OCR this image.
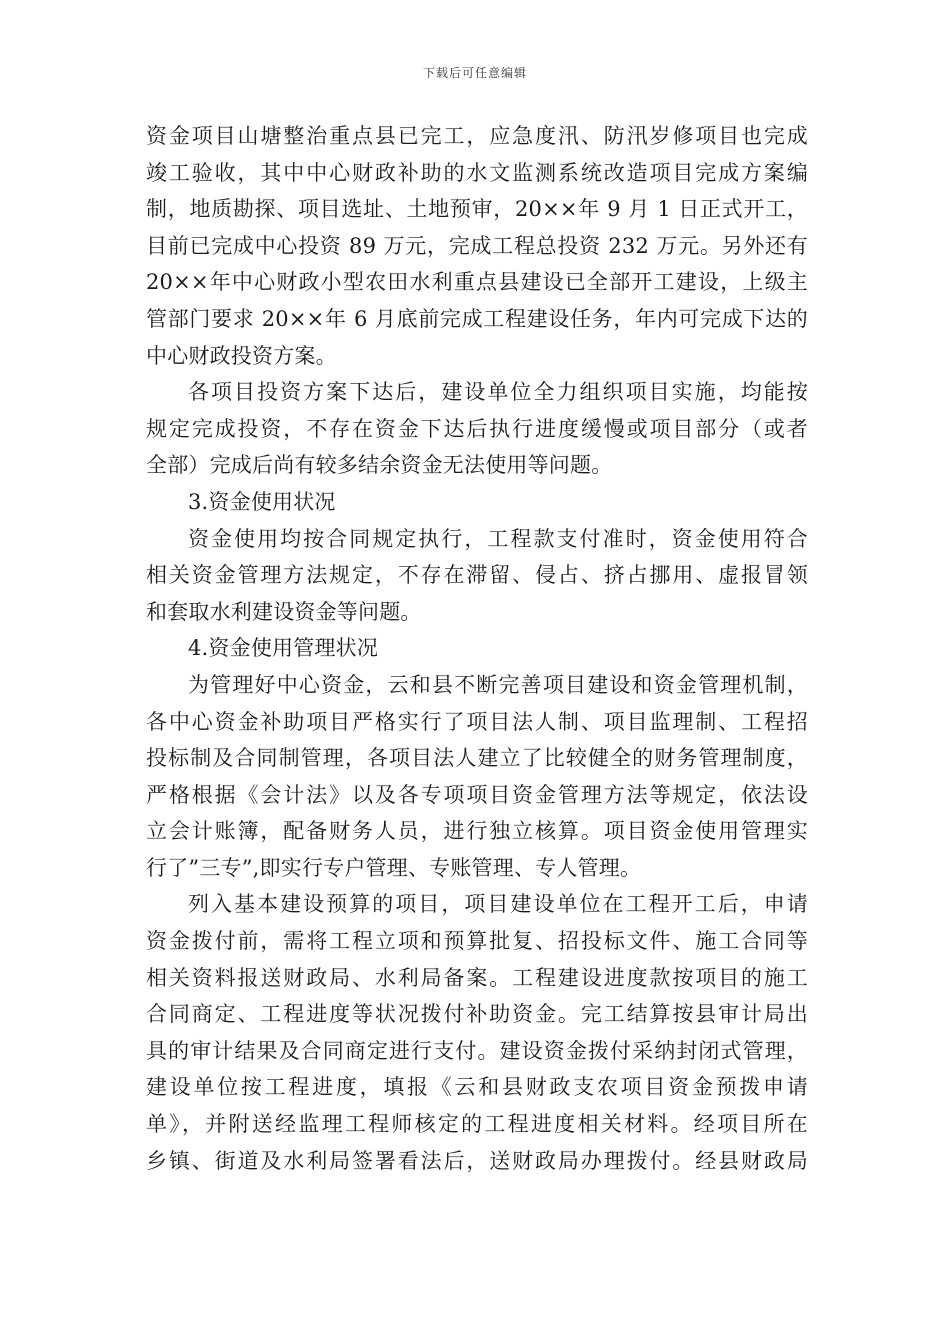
下载后可任意编辑
资金项目山塘整治重点县已完工，应急度汛、防汛岁修项目也完成
竣工验收，其中中心财政补助的水文监测系统改造项目完成方案编
制，地质勘探、项目选址、土地预审，20××年 9 月 1 日正式开工，
目前已完成中心投资 89 万元，完成工程总投资 232 万元。另外还有
20××年中心财政小型农田水利重点县建设已全部开工建设，上级主
管部门要求 20××年 6 月底前完成工程建设任务，年内可完成下达的
中心财政投资方案。
各项目投资方案下达后，建设单位全力组织项目实施，均能按
规定完成投资，不存在资金下达后执行进度缓慢或项目部分（或者
全部）完成后尚有较多结余资金无法使用等问题。
3.资金使用状况
资金使用均按合同规定执行，工程款支付准时，资金使用符合
相关资金管理方法规定，不存在滞留、侵占、挤占挪用、虚报冒领
和套取水利建设资金等问题。
4.资金使用管理状况
为管理好中心资金，云和县不断完善项目建设和资金管理机制，
各中心资金补助项目严格实行了项目法人制、项目监理制、工程招
投标制及合同制管理，各项目法人建立了比较健全的财务管理制度，
严格根据《会计法》以及各专项项目资金管理方法等规定，依法设
立会计账簿，配备财务人员，进行独立核算。项目资金使用管理实
行了”三专”,即实行专户管理、专账管理、专人管理。
列入基本建设预算的项目，项目建设单位在工程开工后，申请
资金拨付前，需将工程立项和预算批复、招投标文件、施工合同等
相关资料报送财政局、水利局备案。工程建设进度款按项目的施工
合同商定、工程进度等状况拨付补助资金。完工结算按县审计局出
具的审计结果及合同商定进行支付。建设资金拨付采纳封闭式管理，
建设单位按工程进度，填报《云和县财政支农项目资金预拨申请
单》，并附送经监理工程师核定的工程进度相关材料。经项目所在
乡镇、街道及水利局签署看法后，送财政局办理拨付。经县财政局
